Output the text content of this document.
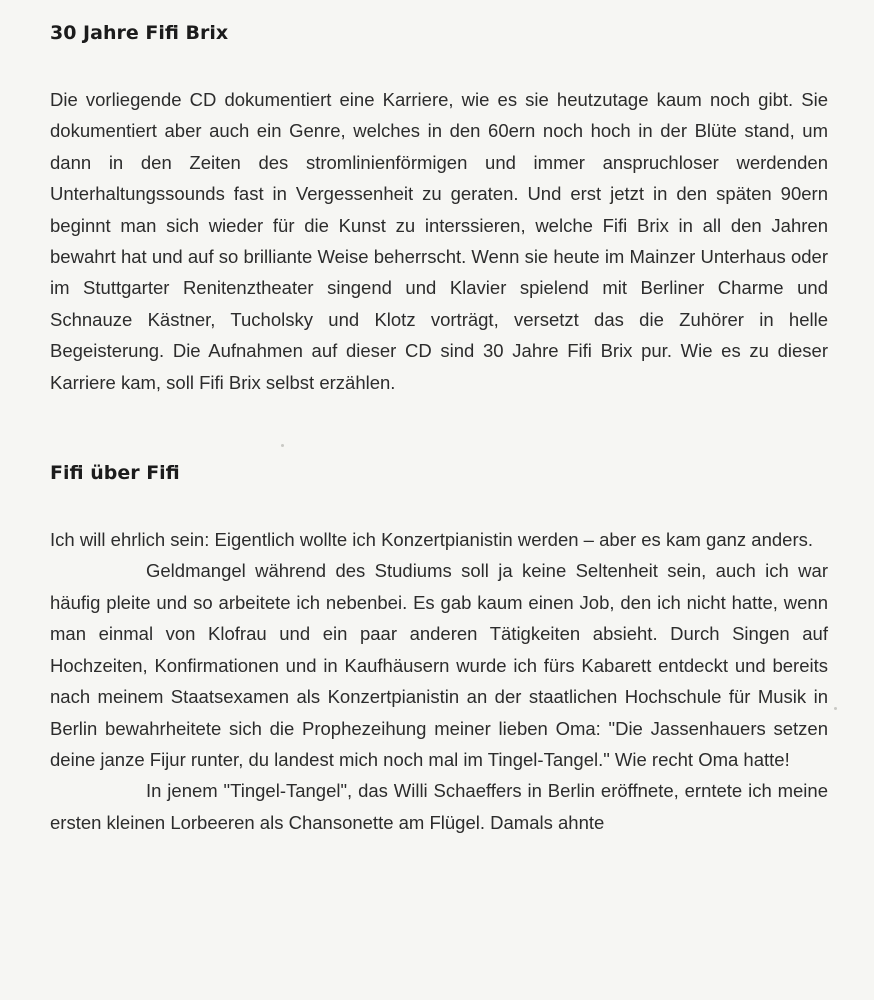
30 Jahre Fifi Brix

Die vorliegende CD dokumentiert eine Karriere, wie es sie heutzutage kaum noch gibt. Sie dokumentiert aber auch ein Genre, welches in den 60ern noch hoch in der Blüte stand, um dann in den Zeiten des stromlinienförmigen und immer anspruchloser werdenden Unterhaltungssounds fast in Vergessenheit zu geraten. Und erst jetzt in den späten 90ern beginnt man sich wieder für die Kunst zu interssieren, welche Fifi Brix in all den Jahren bewahrt hat und auf so brilliante Weise beherrscht. Wenn sie heute im Mainzer Unterhaus oder im Stuttgarter Renitenztheater singend und Klavier spielend mit Berliner Charme und Schnauze Kästner, Tucholsky und Klotz vorträgt, versetzt das die Zuhörer in helle Begeisterung. Die Aufnahmen auf dieser CD sind 30 Jahre Fifi Brix pur. Wie es zu dieser Karriere kam, soll Fifi Brix selbst erzählen.

Fifi über Fifi

Ich will ehrlich sein: Eigentlich wollte ich Konzertpianistin werden – aber es kam ganz anders.

Geldmangel während des Studiums soll ja keine Seltenheit sein, auch ich war häufig pleite und so arbeitete ich nebenbei. Es gab kaum einen Job, den ich nicht hatte, wenn man einmal von Klofrau und ein paar anderen Tätigkeiten absieht. Durch Singen auf Hochzeiten, Konfirmationen und in Kaufhäusern wurde ich fürs Kabarett entdeckt und bereits nach meinem Staatsexamen als Konzertpianistin an der staatlichen Hochschule für Musik in Berlin bewahrheitete sich die Prophezeihung meiner lieben Oma: "Die Jassenhauers setzen deine janze Fijur runter, du landest mich noch mal im Tingel-Tangel." Wie recht Oma hatte!

In jenem "Tingel-Tangel", das Willi Schaeffers in Berlin eröffnete, erntete ich meine ersten kleinen Lorbeeren als Chansonette am Flügel. Damals ahnte
